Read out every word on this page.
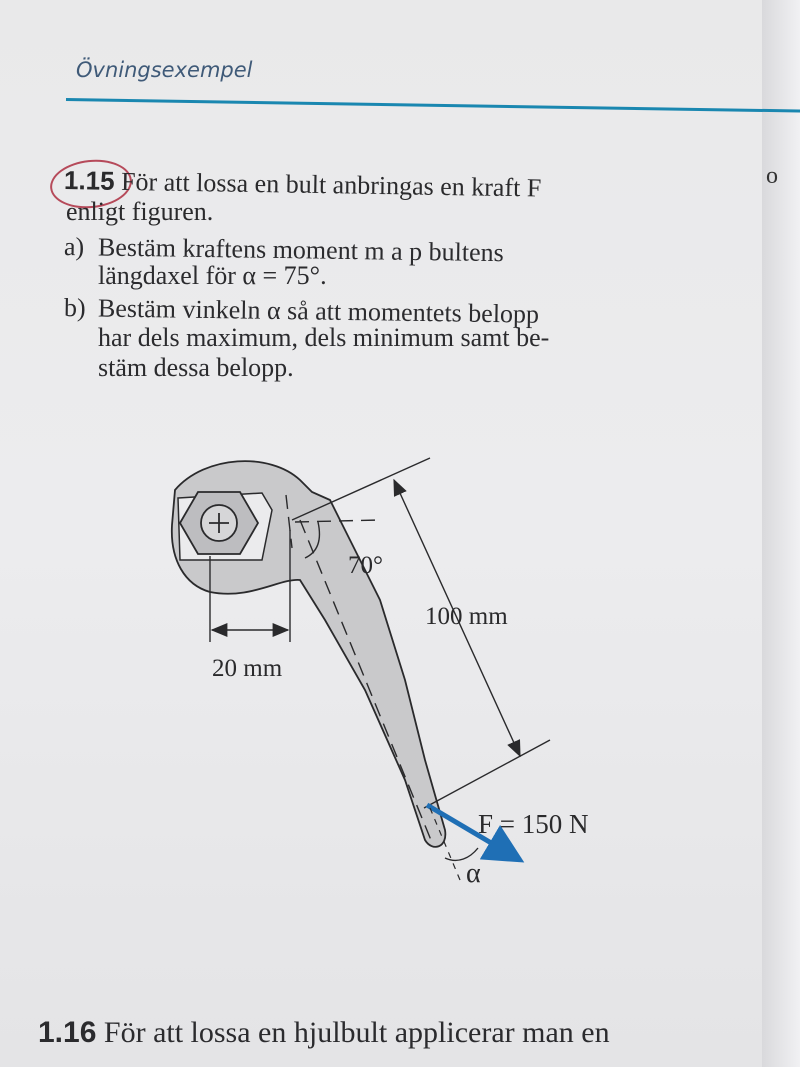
o
Övningsexempel
1.15 För att lossa en bult anbringas en kraft F
enligt figuren.
a) Bestäm kraftens moment m a p bultens
längdaxel för α = 75°.
b) Bestäm vinkeln α så att momentets belopp
har dels maximum, dels minimum samt be-
stäm dessa belopp.
70°
100 mm
20 mm
F = 150 N
α
1.16 För att lossa en hjulbult applicerar man en
